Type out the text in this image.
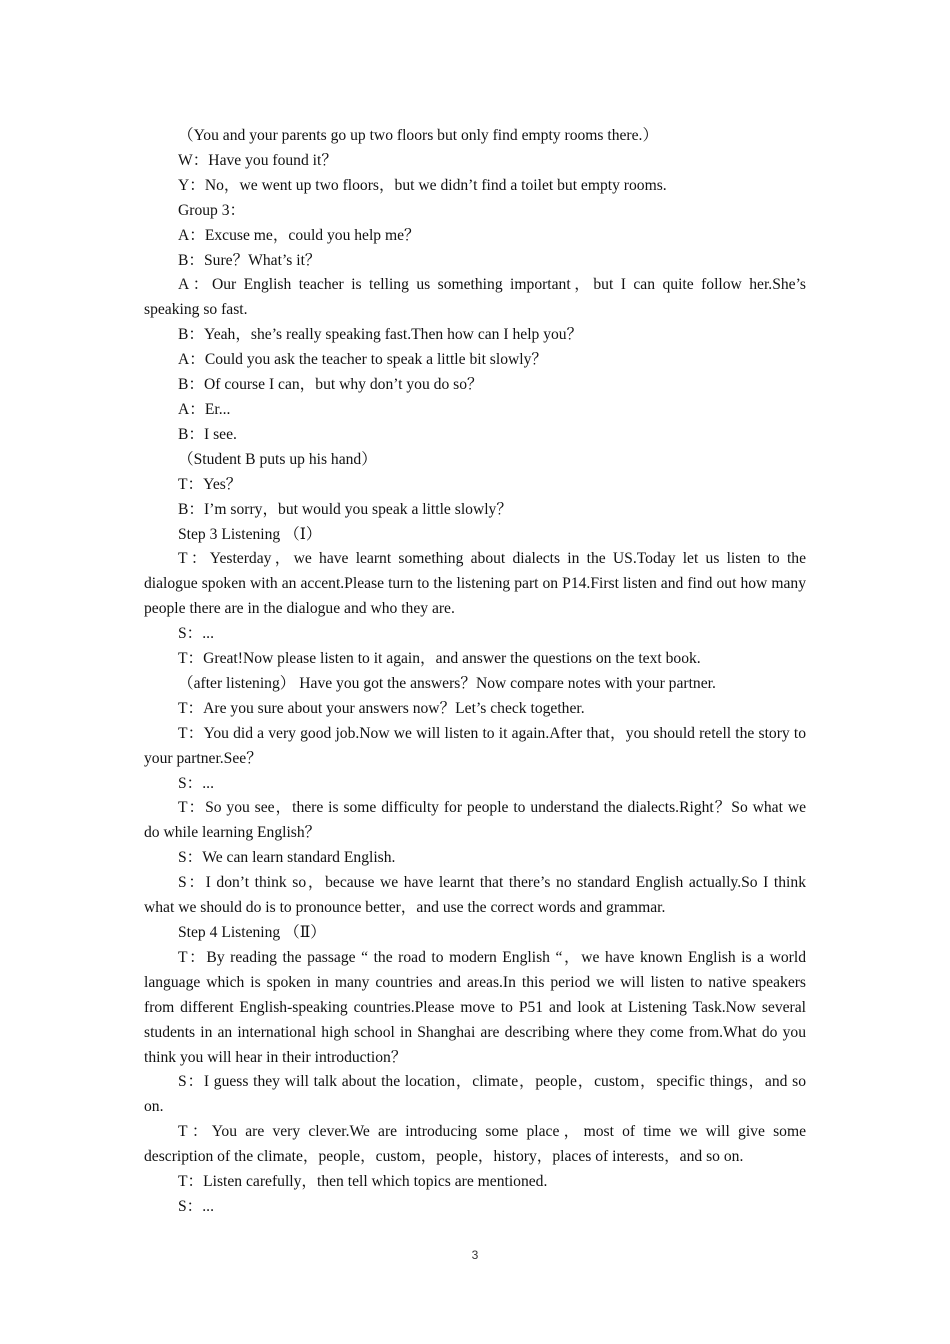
（You and your parents go up two floors but only find empty rooms there.）

W：Have you found it？

Y：No，we went up two floors，but we didn’t find a toilet but empty rooms.

Group 3：

A：Excuse me，could you help me？

B：Sure？What’s it？

A：Our English teacher is telling us something important，but I can quite follow her.She’s speaking so fast.

B：Yeah，she’s really speaking fast.Then how can I help you？

A：Could you ask the teacher to speak a little bit slowly？

B：Of course I can，but why don’t you do so？

A：Er...

B：I see.

（Student B puts up his hand）

T：Yes？

B：I’m sorry，but would you speak a little slowly？

Step 3 Listening （Ⅰ）

T：Yesterday，we have learnt something about dialects in the US.Today let us listen to the dialogue spoken with an accent.Please turn to the listening part on P14.First listen and find out how many people there are in the dialogue and who they are.

S：...

T：Great!Now please listen to it again，and answer the questions on the text book.

（after listening） Have you got the answers？Now compare notes with your partner.

T：Are you sure about your answers now？Let’s check together.

T：You did a very good job.Now we will listen to it again.After that，you should retell the story to your partner.See？

S：...

T：So you see，there is some difficulty for people to understand the dialects.Right？So what we do while learning English？

S：We can learn standard English.

S：I don’t think so，because we have learnt that there’s no standard English actually.So I think what we should do is to pronounce better，and use the correct words and grammar.

Step 4 Listening （Ⅱ）

T：By reading the passage “ the road to modern English “，we have known English is a world language which is spoken in many countries and areas.In this period we will listen to native speakers from different English-speaking countries.Please move to P51 and look at Listening Task.Now several students in an international high school in Shanghai are describing where they come from.What do you think you will hear in their introduction？

S：I guess they will talk about the location，climate，people，custom，specific things，and so on.

T：You are very clever.We are introducing some place，most of time we will give some description of the climate，people，custom，people，history，places of interests，and so on.

T：Listen carefully，then tell which topics are mentioned.

S：...

3
